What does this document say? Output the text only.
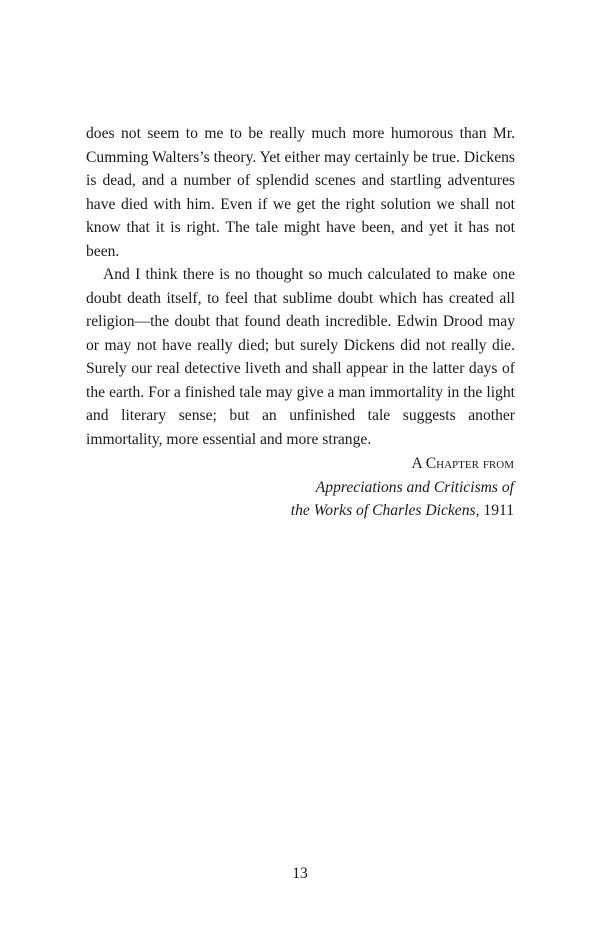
does not seem to me to be really much more humorous than Mr. Cumming Walters’s theory. Yet either may certainly be true. Dickens is dead, and a number of splendid scenes and startling adventures have died with him. Even if we get the right solution we shall not know that it is right. The tale might have been, and yet it has not been.

And I think there is no thought so much calculated to make one doubt death itself, to feel that sublime doubt which has created all religion—the doubt that found death incredible. Edwin Drood may or may not have really died; but surely Dickens did not really die. Surely our real detective liveth and shall appear in the latter days of the earth. For a finished tale may give a man immortality in the light and literary sense; but an unfinished tale suggests another immortality, more essential and more strange.

A Chapter from
Appreciations and Criticisms of
the Works of Charles Dickens, 1911
13
